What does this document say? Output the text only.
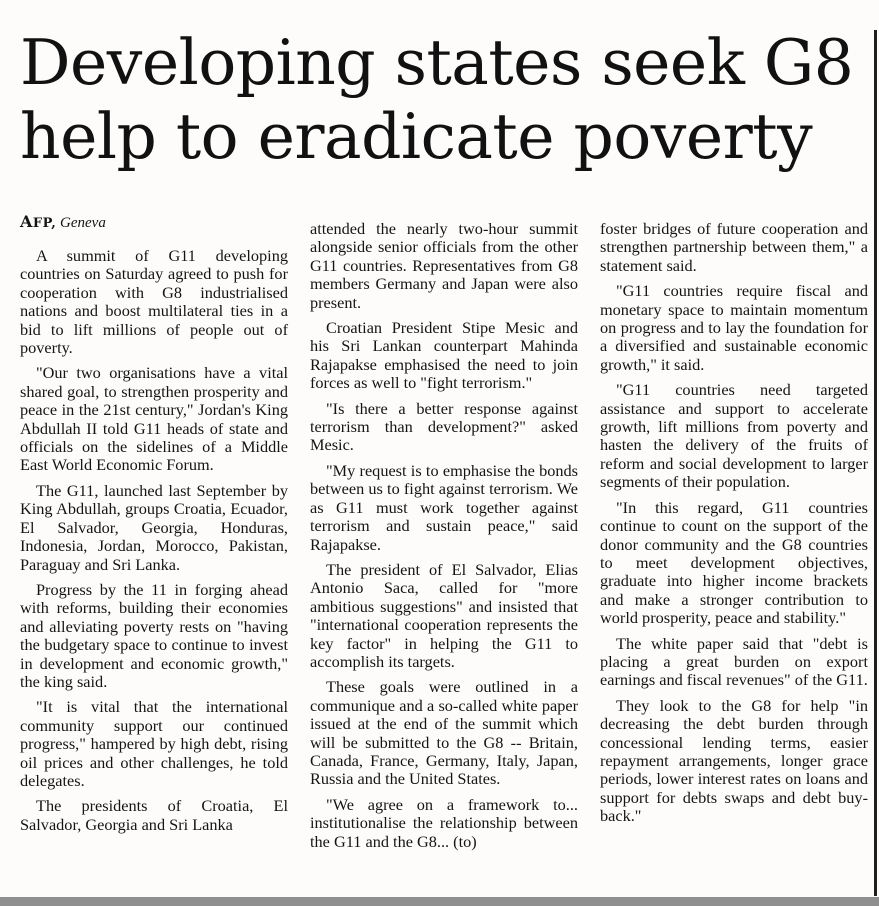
Developing states seek G8 help to eradicate poverty
AFP, Geneva

A summit of G11 developing countries on Saturday agreed to push for cooperation with G8 industrialised nations and boost multilateral ties in a bid to lift millions of people out of poverty.

"Our two organisations have a vital shared goal, to strengthen prosperity and peace in the 21st century," Jordan's King Abdullah II told G11 heads of state and officials on the sidelines of a Middle East World Economic Forum.

The G11, launched last September by King Abdullah, groups Croatia, Ecuador, El Salvador, Georgia, Honduras, Indonesia, Jordan, Morocco, Pakistan, Paraguay and Sri Lanka.

Progress by the 11 in forging ahead with reforms, building their economies and alleviating poverty rests on "having the budgetary space to continue to invest in development and economic growth," the king said.

"It is vital that the international community support our continued progress," hampered by high debt, rising oil prices and other challenges, he told delegates.

The presidents of Croatia, El Salvador, Georgia and Sri Lanka

attended the nearly two-hour summit alongside senior officials from the other G11 countries. Representatives from G8 members Germany and Japan were also present.

Croatian President Stipe Mesic and his Sri Lankan counterpart Mahinda Rajapakse emphasised the need to join forces as well to "fight terrorism."

"Is there a better response against terrorism than development?" asked Mesic.

"My request is to emphasise the bonds between us to fight against terrorism. We as G11 must work together against terrorism and sustain peace," said Rajapakse.

The president of El Salvador, Elias Antonio Saca, called for "more ambitious suggestions" and insisted that "international cooperation represents the key factor" in helping the G11 to accomplish its targets.

These goals were outlined in a communique and a so-called white paper issued at the end of the summit which will be submitted to the G8 -- Britain, Canada, France, Germany, Italy, Japan, Russia and the United States.

"We agree on a framework to... institutionalise the relationship between the G11 and the G8... (to)

foster bridges of future cooperation and strengthen partnership between them," a statement said.

"G11 countries require fiscal and monetary space to maintain momentum on progress and to lay the foundation for a diversified and sustainable economic growth," it said.

"G11 countries need targeted assistance and support to accelerate growth, lift millions from poverty and hasten the delivery of the fruits of reform and social development to larger segments of their population.

"In this regard, G11 countries continue to count on the support of the donor community and the G8 countries to meet development objectives, graduate into higher income brackets and make a stronger contribution to world prosperity, peace and stability."

The white paper said that "debt is placing a great burden on export earnings and fiscal revenues" of the G11.

They look to the G8 for help "in decreasing the debt burden through concessional lending terms, easier repayment arrangements, longer grace periods, lower interest rates on loans and support for debts swaps and debt buy-back."
